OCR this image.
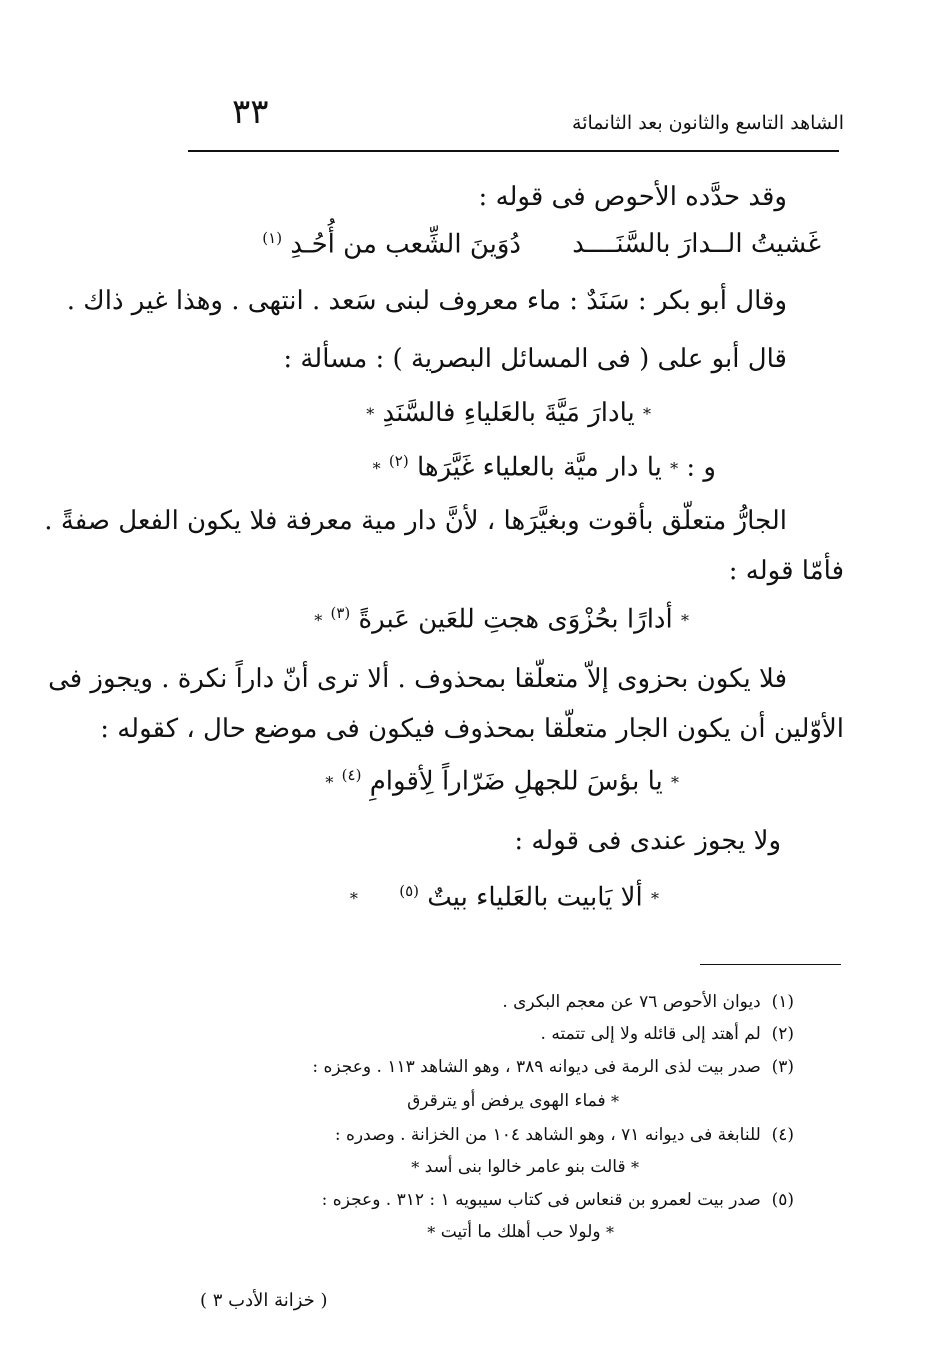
الشاهد التاسع والثانون بعد الثانمائة
٣٣
وقد حدَّده الأحوص فى قوله :
غَشيتُ الــدارَ بالسَّنَــــد
دُوَينَ الشِّعب من أُحُـدِ $^{(١)}$
وقال أبو بكر : سَنَدٌ : ماء معروف لبنى سَعد . انتهى . وهذا غير ذاك .
قال أبو على ( فى المسائل البصرية ) : مسألة :
* يادارَ مَيَّةَ بالعَلياءِ فالسَّنَدِ *
و : * يا دار ميَّة بالعلياء غَيَّرَها $^{(٢)}$ *
الجارُّ متعلّق بأقوت وبغيَّرَها ، لأنَّ دار مية معرفة فلا يكون الفعل صفةً .
فأمّا قوله :
* أدارًا بحُزْوَى هجتِ للعَين عَبرةً $^{(٣)}$ *
فلا يكون بحزوى إلاّ متعلّقا بمحذوف . ألا ترى أنّ داراً نكرة . ويجوز فى
الأوّلين أن يكون الجار متعلّقا بمحذوف فيكون فى موضع حال ، كقوله :
* يا بؤسَ للجهلِ ضَرّاراً لِأقوامِ $^{(٤)}$ *
ولا يجوز عندى فى قوله :
* ألا يَابيت بالعَلياء بيتٌ $^{(٥)}$     *
(١)  ديوان الأحوص ٧٦ عن معجم البكرى .
(٢)  لم أهتد إلى قائله ولا إلى تتمته .
(٣)  صدر بيت لذى الرمة فى ديوانه ٣٨٩ ، وهو الشاهد ١١٣ . وعجزه :
* فماء الهوى يرفض أو يترقرق
(٤)  للنابغة فى ديوانه ٧١ ، وهو الشاهد ١٠٤ من الخزانة . وصدره :
* قالت بنو عامر خالوا بنى أسد *
(٥)  صدر بيت لعمرو بن قنعاس فى كتاب سيبويه ١ : ٣١٢ . وعجزه :
* ولولا حب أهلك ما أتيت *
( خزانة الأدب ٣ )
